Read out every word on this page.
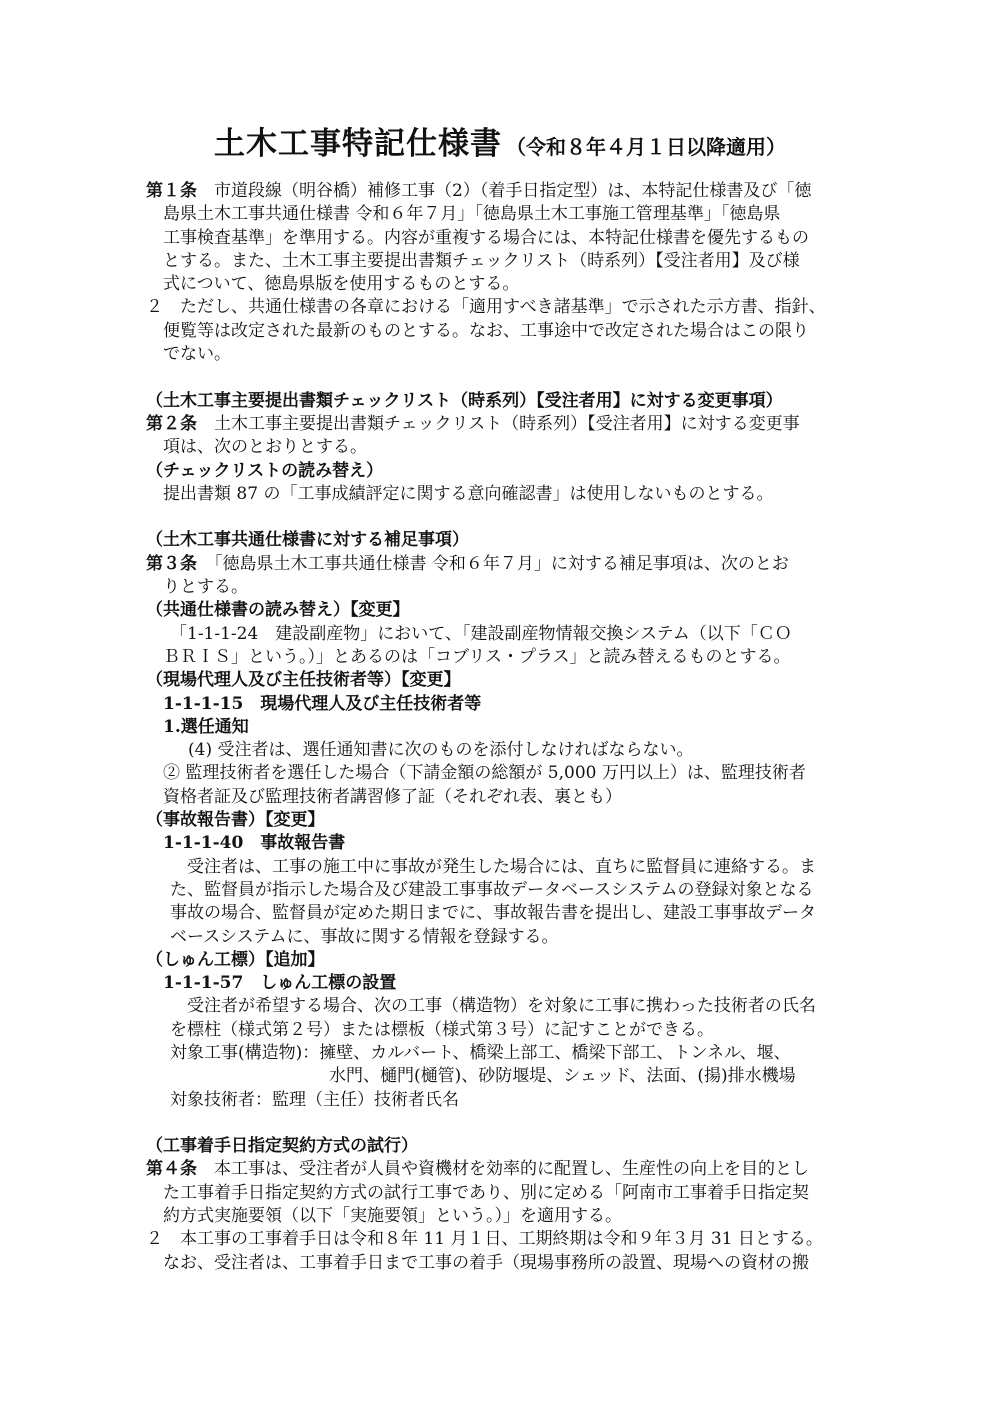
土木工事特記仕様書 （令和８年４月１日以降適用）
第１条　市道段線（明谷橋）補修工事（2）（着手日指定型）は、本特記仕様書及び「徳
島県土木工事共通仕様書 令和６年７月」「徳島県土木工事施工管理基準」「徳島県
工事検査基準」を準用する。内容が重複する場合には、本特記仕様書を優先するもの
とする。また、土木工事主要提出書類チェックリスト（時系列）【受注者用】及び様
式について、徳島県版を使用するものとする。
２　ただし、共通仕様書の各章における「適用すべき諸基準」で示された示方書、指針、
便覧等は改定された最新のものとする。なお、工事途中で改定された場合はこの限り
でない。
（土木工事主要提出書類チェックリスト（時系列）【受注者用】に対する変更事項）
第２条　土木工事主要提出書類チェックリスト（時系列）【受注者用】に対する変更事
項は、次のとおりとする。
（チェックリストの読み替え）
提出書類 87 の「工事成績評定に関する意向確認書」は使用しないものとする。
（土木工事共通仕様書に対する補足事項）
第３条　「徳島県土木工事共通仕様書 令和６年７月」に対する補足事項は、次のとお
りとする。
（共通仕様書の読み替え）【変更】
「1-1-1-24　建設副産物」において、「建設副産物情報交換システム（以下「ＣＯ
ＢＲＩＳ」という。）」とあるのは「コブリス・プラス」と読み替えるものとする。
（現場代理人及び主任技術者等）【変更】
1-1-1-15　現場代理人及び主任技術者等
1.選任通知
(4) 受注者は、選任通知書に次のものを添付しなければならない。
② 監理技術者を選任した場合（下請金額の総額が 5,000 万円以上）は、監理技術者
資格者証及び監理技術者講習修了証（それぞれ表、裏とも）
（事故報告書）【変更】
1-1-1-40　事故報告書
　受注者は、工事の施工中に事故が発生した場合には、直ちに監督員に連絡する。ま
た、監督員が指示した場合及び建設工事事故データベースシステムの登録対象となる
事故の場合、監督員が定めた期日までに、事故報告書を提出し、建設工事事故データ
ベースシステムに、事故に関する情報を登録する。
（しゅん工標）【追加】
1-1-1-57　しゅん工標の設置
　受注者が希望する場合、次の工事（構造物）を対象に工事に携わった技術者の氏名
を標柱（様式第２号）または標板（様式第３号）に記すことができる。
対象工事(構造物)：擁壁、カルバート、橋梁上部工、橋梁下部工、トンネル、堰、
水門、樋門(樋管)、砂防堰堤、シェッド、法面、(揚)排水機場
対象技術者：監理（主任）技術者氏名
（工事着手日指定契約方式の試行）
第４条　本工事は、受注者が人員や資機材を効率的に配置し、生産性の向上を目的とし
た工事着手日指定契約方式の試行工事であり、別に定める「阿南市工事着手日指定契
約方式実施要領（以下「実施要領」という。）」を適用する。
２　本工事の工事着手日は令和８年 11 月１日、工期終期は令和９年３月 31 日とする。
なお、受注者は、工事着手日まで工事の着手（現場事務所の設置、現場への資材の搬
